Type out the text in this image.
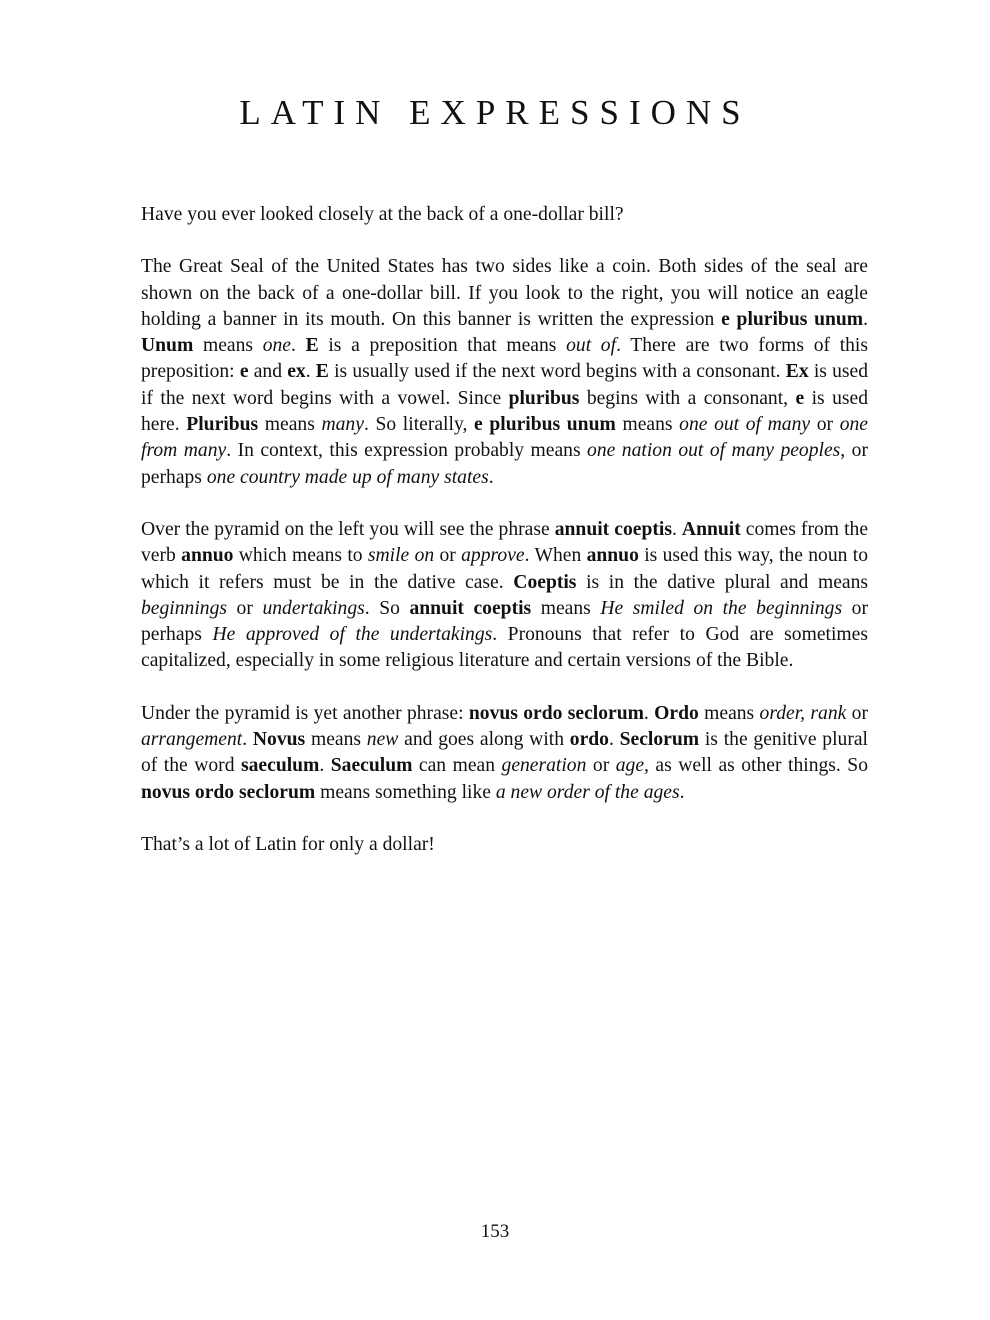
LATIN EXPRESSIONS

Have you ever looked closely at the back of a one-dollar bill?

The Great Seal of the United States has two sides like a coin. Both sides of the seal are shown on the back of a one-dollar bill. If you look to the right, you will notice an eagle holding a banner in its mouth. On this banner is written the expression e pluribus unum. Unum means one. E is a preposition that means out of. There are two forms of this preposition: e and ex. E is usually used if the next word begins with a consonant. Ex is used if the next word begins with a vowel. Since pluribus begins with a consonant, e is used here. Pluribus means many. So literally, e pluribus unum means one out of many or one from many. In context, this expression probably means one nation out of many peoples, or perhaps one country made up of many states.

Over the pyramid on the left you will see the phrase annuit coeptis. Annuit comes from the verb annuo which means to smile on or approve. When annuo is used this way, the noun to which it refers must be in the dative case. Coeptis is in the dative plural and means beginnings or undertakings. So annuit coeptis means He smiled on the beginnings or perhaps He approved of the undertakings. Pronouns that refer to God are sometimes capitalized, especially in some religious literature and certain versions of the Bible.

Under the pyramid is yet another phrase: novus ordo seclorum. Ordo means order, rank or arrangement. Novus means new and goes along with ordo. Seclorum is the genitive plural of the word saeculum. Saeculum can mean generation or age, as well as other things. So novus ordo seclorum means something like a new order of the ages.

That’s a lot of Latin for only a dollar!

153
